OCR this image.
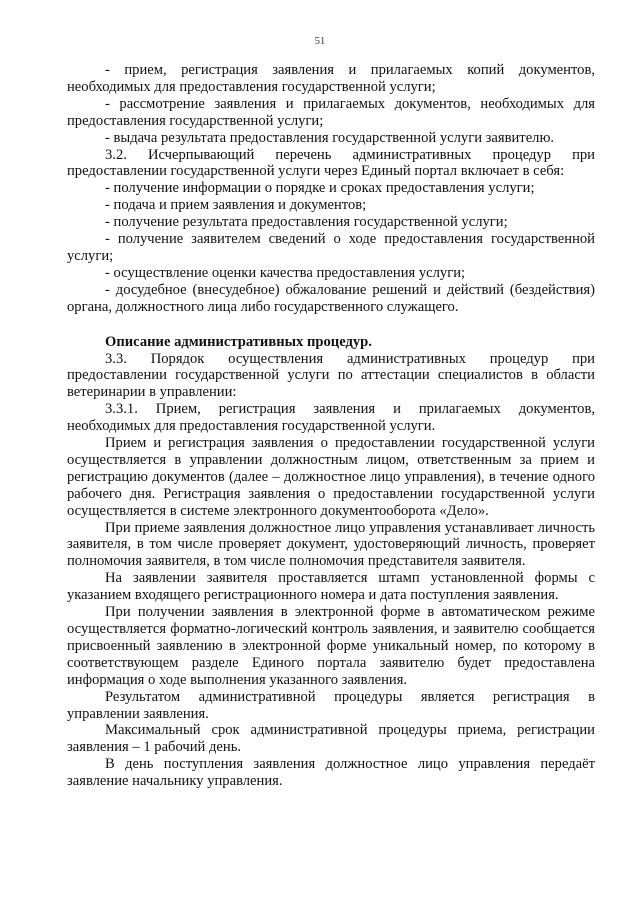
51

- прием, регистрация заявления и прилагаемых копий документов, необходимых для предоставления государственной услуги;

- рассмотрение заявления и прилагаемых документов, необходимых для предоставления государственной услуги;

- выдача результата предоставления государственной услуги заявителю.

3.2. Исчерпывающий перечень административных процедур при предоставлении государственной услуги через Единый портал включает в себя:

- получение информации о порядке и сроках предоставления услуги;

- подача и прием заявления и документов;

- получение результата предоставления государственной услуги;

- получение заявителем сведений о ходе предоставления государственной услуги;

- осуществление оценки качества предоставления услуги;

- досудебное (внесудебное) обжалование решений и действий (бездействия) органа, должностного лица либо государственного служащего.

Описание административных процедур.

3.3. Порядок осуществления административных процедур при предоставлении государственной услуги по аттестации специалистов в области ветеринарии в управлении:

3.3.1. Прием, регистрация заявления и прилагаемых документов, необходимых для предоставления государственной услуги.

Прием и регистрация заявления о предоставлении государственной услуги осуществляется в управлении должностным лицом, ответственным за прием и регистрацию документов (далее – должностное лицо управления), в течение одного рабочего дня. Регистрация заявления о предоставлении государственной услуги осуществляется в системе электронного документооборота «Дело».

При приеме заявления должностное лицо управления устанавливает личность заявителя, в том числе проверяет документ, удостоверяющий личность, проверяет полномочия заявителя, в том числе полномочия представителя заявителя.

На заявлении заявителя проставляется штамп установленной формы с указанием входящего регистрационного номера и дата поступления заявления.

При получении заявления в электронной форме в автоматическом режиме осуществляется форматно-логический контроль заявления, и заявителю сообщается присвоенный заявлению в электронной форме уникальный номер, по которому в соответствующем разделе Единого портала заявителю будет предоставлена информация о ходе выполнения указанного заявления.

Результатом административной процедуры является регистрация в управлении заявления.

Максимальный срок административной процедуры приема, регистрации заявления – 1 рабочий день.

В день поступления заявления должностное лицо управления передаёт заявление начальнику управления.
